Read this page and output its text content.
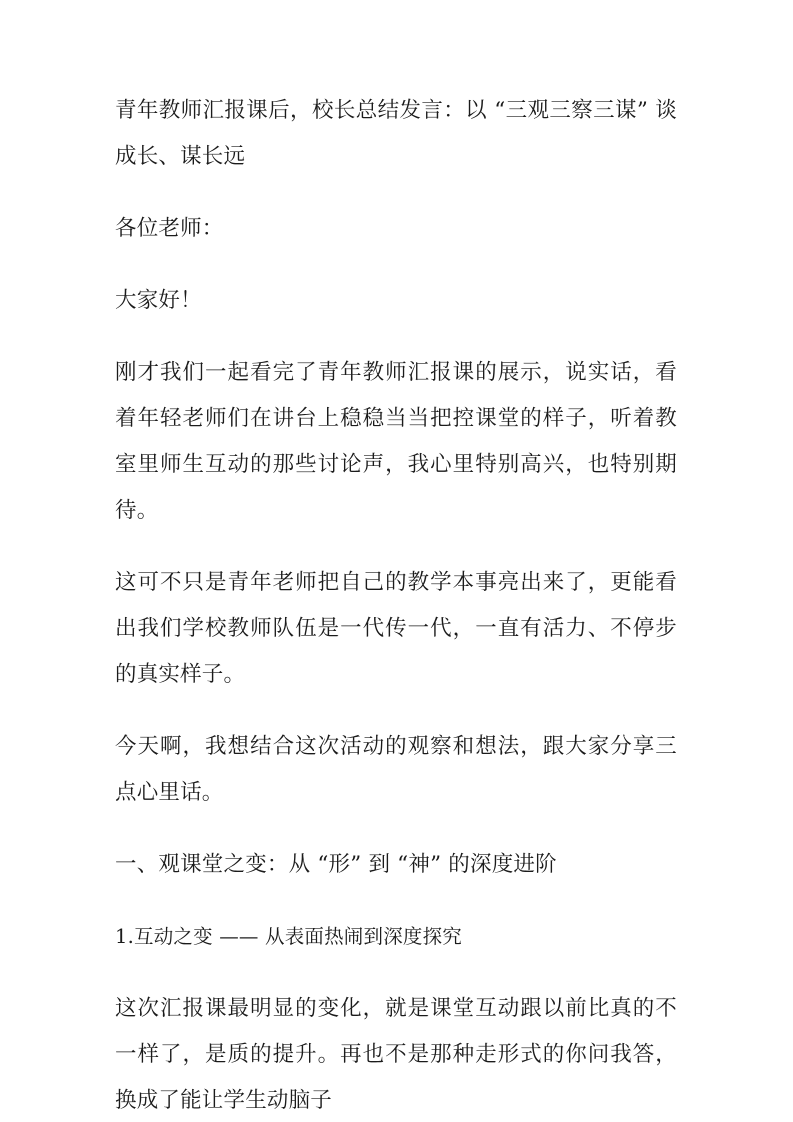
青年教师汇报课后，校长总结发言：以 “三观三察三谋” 谈成长、谋长远

各位老师：

大家好！

刚才我们一起看完了青年教师汇报课的展示，说实话，看着年轻老师们在讲台上稳稳当当把控课堂的样子，听着教室里师生互动的那些讨论声，我心里特别高兴，也特别期待。

这可不只是青年老师把自己的教学本事亮出来了，更能看出我们学校教师队伍是一代传一代，一直有活力、不停步的真实样子。

今天啊，我想结合这次活动的观察和想法，跟大家分享三点心里话。

一、观课堂之变：从 “形” 到 “神” 的深度进阶

1.互动之变 —— 从表面热闹到深度探究

这次汇报课最明显的变化，就是课堂互动跟以前比真的不一样了，是质的提升。再也不是那种走形式的你问我答，换成了能让学生动脑子
